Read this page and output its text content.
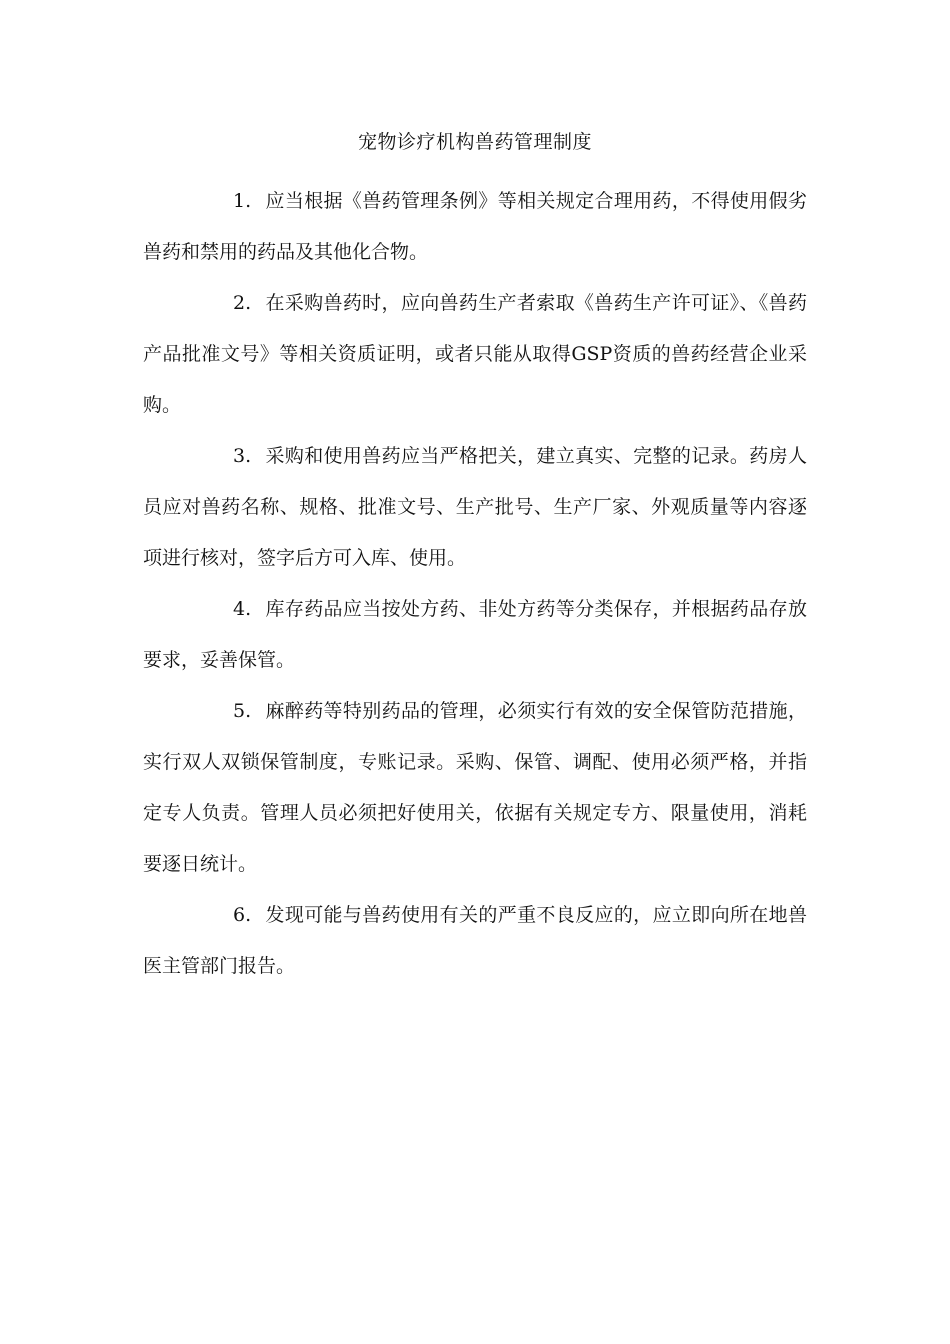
宠物诊疗机构兽药管理制度
1. 应当根据《兽药管理条例》等相关规定合理用药，不得使用假劣兽药和禁用的药品及其他化合物。
2. 在采购兽药时，应向兽药生产者索取《兽药生产许可证》、《兽药产品批准文号》等相关资质证明，或者只能从取得GSP资质的兽药经营企业采购。
3. 采购和使用兽药应当严格把关，建立真实、完整的记录。药房人员应对兽药名称、规格、批准文号、生产批号、生产厂家、外观质量等内容逐项进行核对，签字后方可入库、使用。
4. 库存药品应当按处方药、非处方药等分类保存，并根据药品存放要求，妥善保管。
5. 麻醉药等特别药品的管理，必须实行有效的安全保管防范措施，实行双人双锁保管制度，专账记录。采购、保管、调配、使用必须严格，并指定专人负责。管理人员必须把好使用关，依据有关规定专方、限量使用，消耗要逐日统计。
6. 发现可能与兽药使用有关的严重不良反应的，应立即向所在地兽医主管部门报告。
